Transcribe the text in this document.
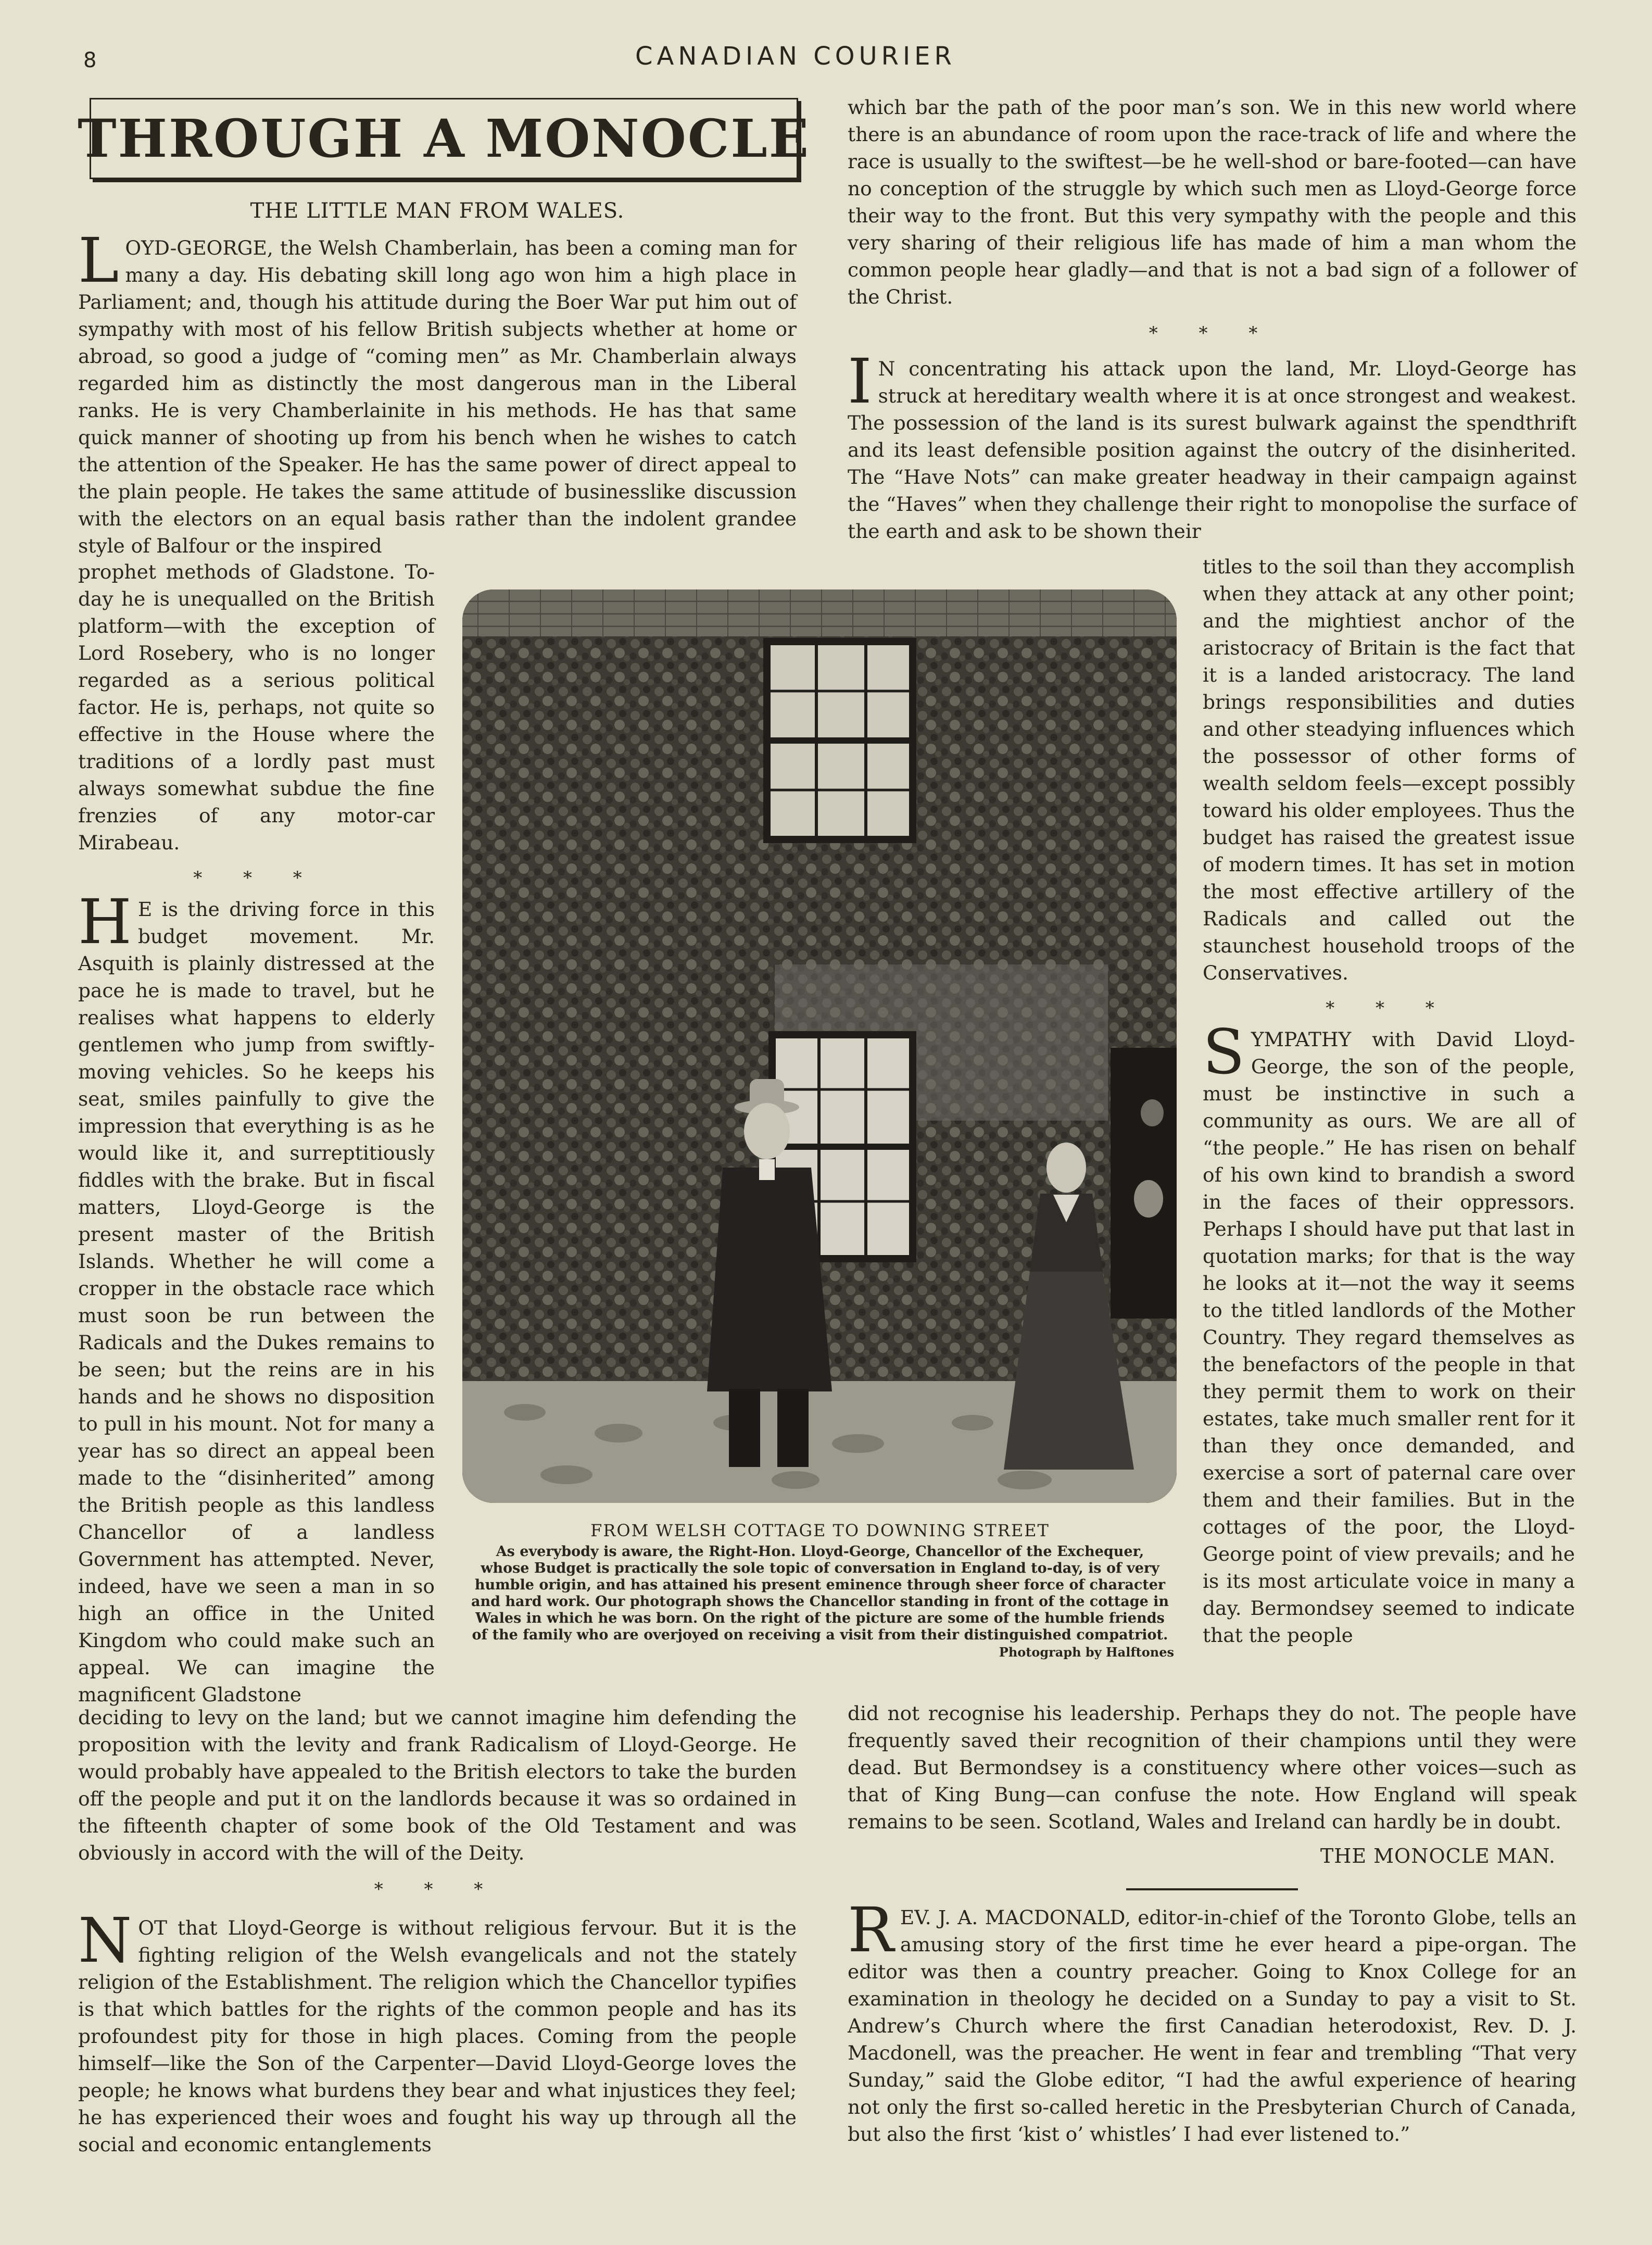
8	CANADIAN COURIER
THROUGH A MONOCLE
THE LITTLE MAN FROM WALES.

LOYD-GEORGE, the Welsh Chamberlain, has been a coming man for many a day. His debating skill long ago won him a high place in Parliament; and, though his attitude during the Boer War put him out of sympathy with most of his fellow British subjects whether at home or abroad, so good a judge of “coming men” as Mr. Chamberlain always regarded him as distinctly the most dangerous man in the Liberal ranks. He is very Chamberlainite in his methods. He has that same quick manner of shooting up from his bench when he wishes to catch the attention of the Speaker. He has the same power of direct appeal to the plain people. He takes the same attitude of businesslike discussion with the electors on an equal basis rather than the indolent grandee style of Balfour or the inspired

prophet methods of Gladstone. To-day he is unequalled on the British platform—with the exception of Lord Rosebery, who is no longer regarded as a serious political factor. He is, perhaps, not quite so effective in the House where the traditions of a lordly past must always somewhat subdue the fine frenzies of any motor-car Mirabeau.

* * *

H E is the driving force in this budget movement. Mr. Asquith is plainly distressed at the pace he is made to travel, but he realises what happens to elderly gentlemen who jump from swiftly-moving vehicles. So he keeps his seat, smiles painfully to give the impression that everything is as he would like it, and surreptitiously fiddles with the brake. But in fiscal matters, Lloyd-George is the present master of the British Islands. Whether he will come a cropper in the obstacle race which must soon be run between the Radicals and the Dukes remains to be seen; but the reins are in his hands and he shows no disposition to pull in his mount. Not for many a year has so direct an appeal been made to the “disinherited” among the British people as this landless Chancellor of a landless Government has attempted. Never, indeed, have we seen a man in so high an office in the United Kingdom who could make such an appeal. We can imagine the magnificent Gladstone

deciding to levy on the land; but we cannot imagine him defending the proposition with the levity and frank Radicalism of Lloyd-George. He would probably have appealed to the British electors to take the burden off the people and put it on the landlords because it was so ordained in the fifteenth chapter of some book of the Old Testament and was obviously in accord with the will of the Deity.

* * *

NOT that Lloyd-George is without religious fervour. But it is the fighting religion of the Welsh evangelicals and not the stately religion of the Establishment. The religion which the Chancellor typifies is that which battles for the rights of the common people and has its profoundest pity for those in high places. Coming from the people himself—like the Son of the Carpenter—David Lloyd-George loves the people; he knows what burdens they bear and what injustices they feel; he has experienced their woes and fought his way up through all the social and economic entanglements

which bar the path of the poor man’s son. We in this new world where there is an abundance of room upon the race-track of life and where the race is usually to the swiftest—be he well-shod or bare-footed—can have no conception of the struggle by which such men as Lloyd-George force their way to the front. But this very sympathy with the people and this very sharing of their religious life has made of him a man whom the common people hear gladly—and that is not a bad sign of a follower of the Christ.

* * *

I N concentrating his attack upon the land, Mr. Lloyd-George has struck at hereditary wealth where it is at once strongest and weakest. The possession of the land is its surest bulwark against the spendthrift and its least defensible position against the outcry of the disinherited. The “Have Nots” can make greater headway in their campaign against the “Haves” when they challenge their right to monopolise the surface of the earth and ask to be shown their

titles to the soil than they accomplish when they attack at any other point; and the mightiest anchor of the aristocracy of Britain is the fact that it is a landed aristocracy. The land brings responsibilities and duties and other steadying influences which the possessor of other forms of wealth seldom feels—except possibly toward his older employees. Thus the budget has raised the greatest issue of modern times. It has set in motion the most effective artillery of the Radicals and called out the staunchest household troops of the Conservatives.

* * *

SYMPATHY with David Lloyd-George, the son of the people, must be instinctive in such a community as ours. We are all of “the people.” He has risen on behalf of his own kind to brandish a sword in the faces of their oppressors. Perhaps I should have put that last in quotation marks; for that is the way he looks at it—not the way it seems to the titled landlords of the Mother Country. They regard themselves as the benefactors of the people in that they permit them to work on their estates, take much smaller rent for it than they once demanded, and exercise a sort of paternal care over them and their families. But in the cottages of the poor, the Lloyd-George point of view prevails; and he is its most articulate voice in many a day. Bermondsey seemed to indicate that the people

did not recognise his leadership. Perhaps they do not. The people have frequently saved their recognition of their champions until they were dead. But Bermondsey is a constituency where other voices—such as that of King Bung—can confuse the note. How England will speak remains to be seen. Scotland, Wales and Ireland can hardly be in doubt.

THE MONOCLE MAN.

REV. J. A. MACDONALD, editor-in-chief of the Toronto Globe, tells an amusing story of the first time he ever heard a pipe-organ. The editor was then a country preacher. Going to Knox College for an examination in theology he decided on a Sunday to pay a visit to St. Andrew’s Church where the first Canadian heterodoxist, Rev. D. J. Macdonell, was the preacher. He went in fear and trembling “That very Sunday,” said the Globe editor, “I had the awful experience of hearing not only the first so-called heretic in the Presbyterian Church of Canada, but also the first ‘kist o’ whistles’ I had ever listened to.”

FROM WELSH COTTAGE TO DOWNING STREET
As everybody is aware, the Right-Hon. Lloyd-George, Chancellor of the Exchequer, whose Budget is practically the sole topic of conversation in England to-day, is of very humble origin, and has attained his present eminence through sheer force of character and hard work. Our photograph shows the Chancellor standing in front of the cottage in Wales in which he was born. On the right of the picture are some of the humble friends of the family who are overjoyed on receiving a visit from their distinguished compatriot.
Photograph by Halftones
